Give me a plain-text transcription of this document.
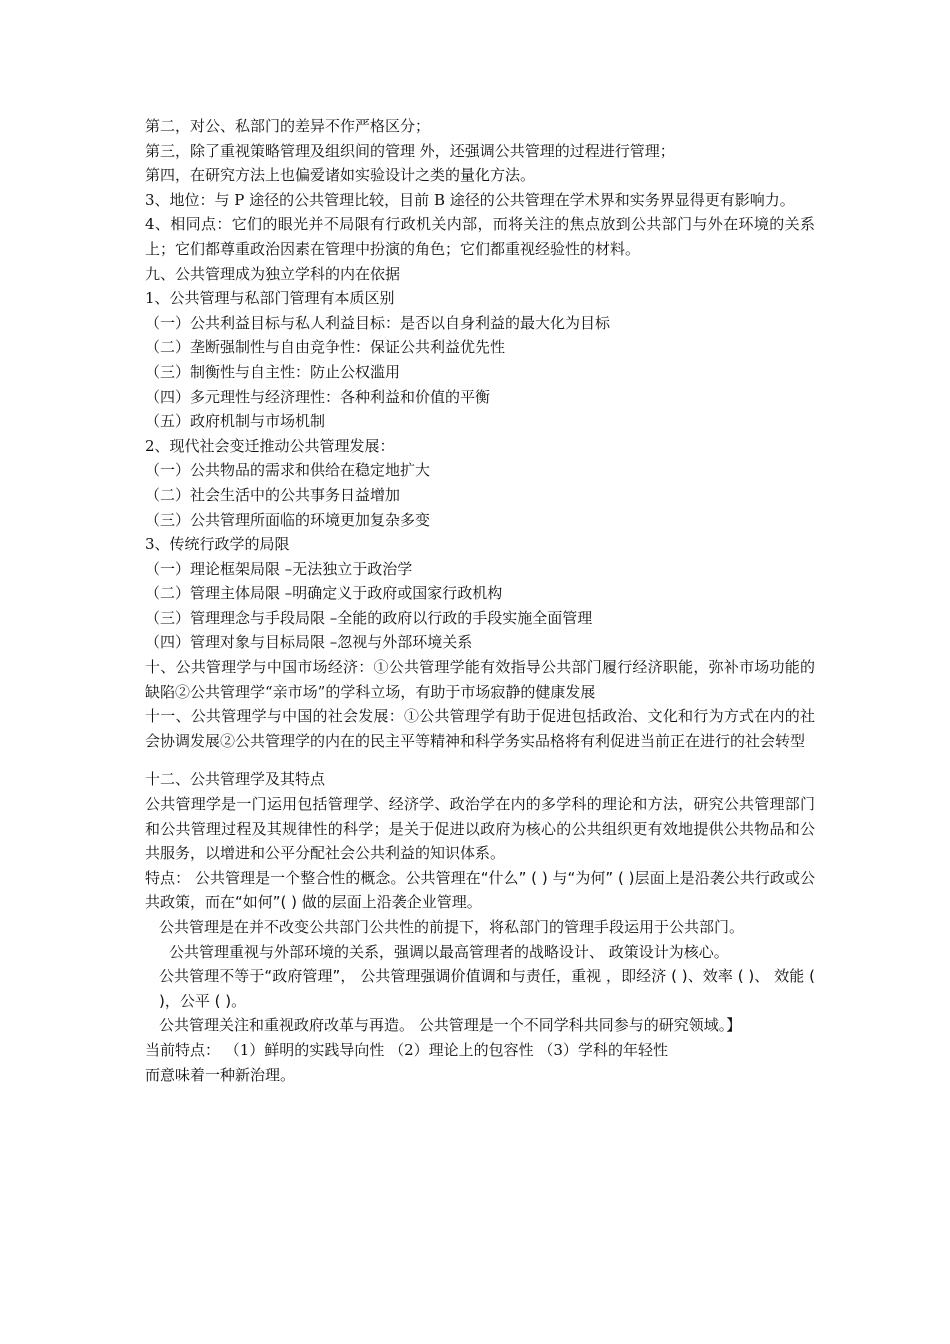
第二，对公、私部门的差异不作严格区分；
第三，除了重视策略管理及组织间的管理 外，还强调公共管理的过程进行管理；
第四，在研究方法上也偏爱诸如实验设计之类的量化方法。
3、地位：与 P 途径的公共管理比较，目前 B 途径的公共管理在学术界和实务界显得更有影响力。
4、相同点：它们的眼光并不局限有行政机关内部，而将关注的焦点放到公共部门与外在环境的关系上；它们都尊重政治因素在管理中扮演的角色；它们都重视经验性的材料。
九、公共管理成为独立学科的内在依据
1、公共管理与私部门管理有本质区别
（一）公共利益目标与私人利益目标：是否以自身利益的最大化为目标
（二）垄断强制性与自由竞争性：保证公共利益优先性
（三）制衡性与自主性：防止公权滥用
（四）多元理性与经济理性：各种利益和价值的平衡
（五）政府机制与市场机制
2、现代社会变迁推动公共管理发展：
（一）公共物品的需求和供给在稳定地扩大
（二）社会生活中的公共事务日益增加
（三）公共管理所面临的环境更加复杂多变
3、传统行政学的局限
（一）理论框架局限 –无法独立于政治学
（二）管理主体局限 –明确定义于政府或国家行政机构
（三）管理理念与手段局限 –全能的政府以行政的手段实施全面管理
（四）管理对象与目标局限 –忽视与外部环境关系
十、公共管理学与中国市场经济：①公共管理学能有效指导公共部门履行经济职能，弥补市场功能的缺陷②公共管理学“亲市场”的学科立场，有助于市场寂静的健康发展
十一、公共管理学与中国的社会发展：①公共管理学有助于促进包括政治、文化和行为方式在内的社会协调发展②公共管理学的内在的民主平等精神和科学务实品格将有利促进当前正在进行的社会转型
十二、公共管理学及其特点
公共管理学是一门运用包括管理学、经济学、政治学在内的多学科的理论和方法，研究公共管理部门和公共管理过程及其规律性的科学；是关于促进以政府为核心的公共组织更有效地提供公共物品和公共服务，以增进和公平分配社会公共利益的知识体系。
特点： 公共管理是一个整合性的概念。公共管理在“什么” ( ) 与“为何” ( )层面上是沿袭公共行政或公共政策，而在“如何”( ) 做的层面上沿袭企业管理。
公共管理是在并不改变公共部门公共性的前提下，将私部门的管理手段运用于公共部门。
公共管理重视与外部环境的关系，强调以最高管理者的战略设计、 政策设计为核心。
公共管理不等于“政府管理”， 公共管理强调价值调和与责任，重视 ，即经济 ( )、效率 ( )、 效能 ( )，公平 ( )。
公共管理关注和重视政府改革与再造。 公共管理是一个不同学科共同参与的研究领域。】
当前特点： （1）鲜明的实践导向性 （2）理论上的包容性 （3）学科的年轻性
而意味着一种新治理。
